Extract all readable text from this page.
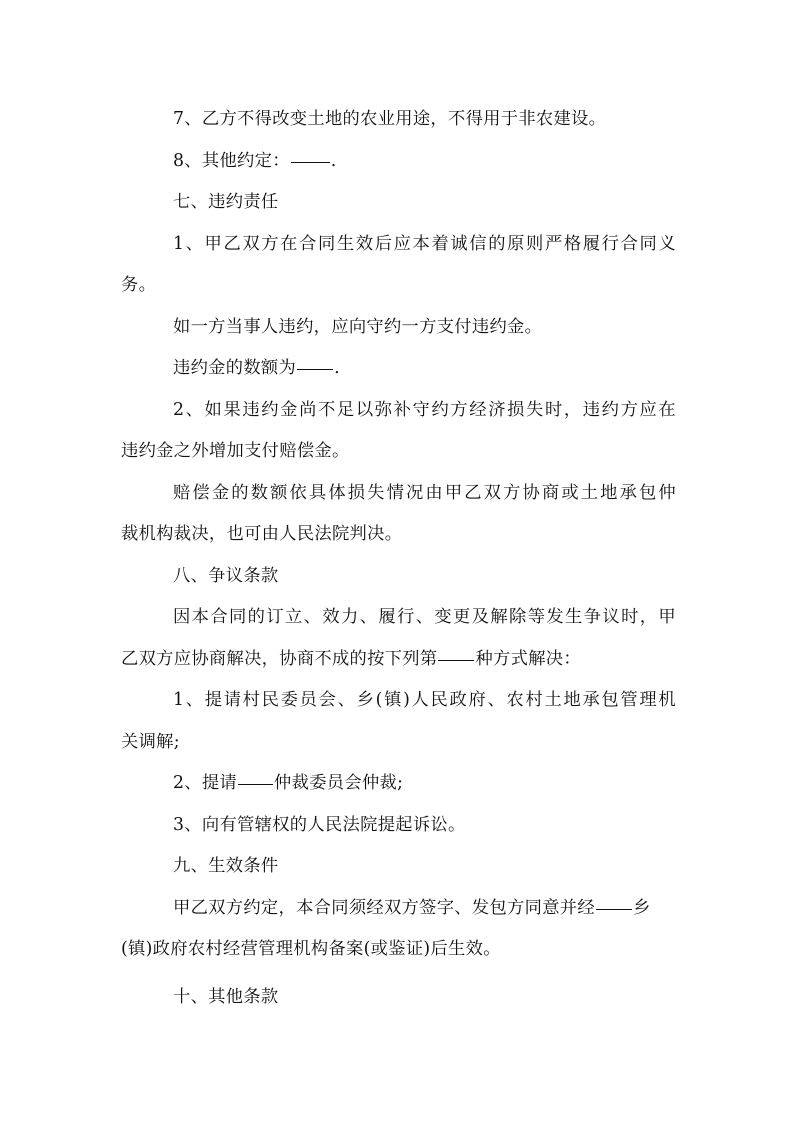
7、乙方不得改变土地的农业用途，不得用于非农建设。
8、其他约定： .
七、违约责任
1、甲乙双方在合同生效后应本着诚信的原则严格履行合同义
务。
如一方当事人违约，应向守约一方支付违约金。
违约金的数额为 .
2、如果违约金尚不足以弥补守约方经济损失时，违约方应在
违约金之外增加支付赔偿金。
赔偿金的数额依具体损失情况由甲乙双方协商或土地承包仲
裁机构裁决，也可由人民法院判决。
八、争议条款
因本合同的订立、效力、履行、变更及解除等发生争议时，甲
乙双方应协商解决，协商不成的按下列第 种方式解决：
1、提请村民委员会、乡(镇)人民政府、农村土地承包管理机
关调解;
2、提请 仲裁委员会仲裁;
3、向有管辖权的人民法院提起诉讼。
九、生效条件
甲乙双方约定，本合同须经双方签字、发包方同意并经 乡
(镇)政府农村经营管理机构备案(或鉴证)后生效。
十、其他条款
